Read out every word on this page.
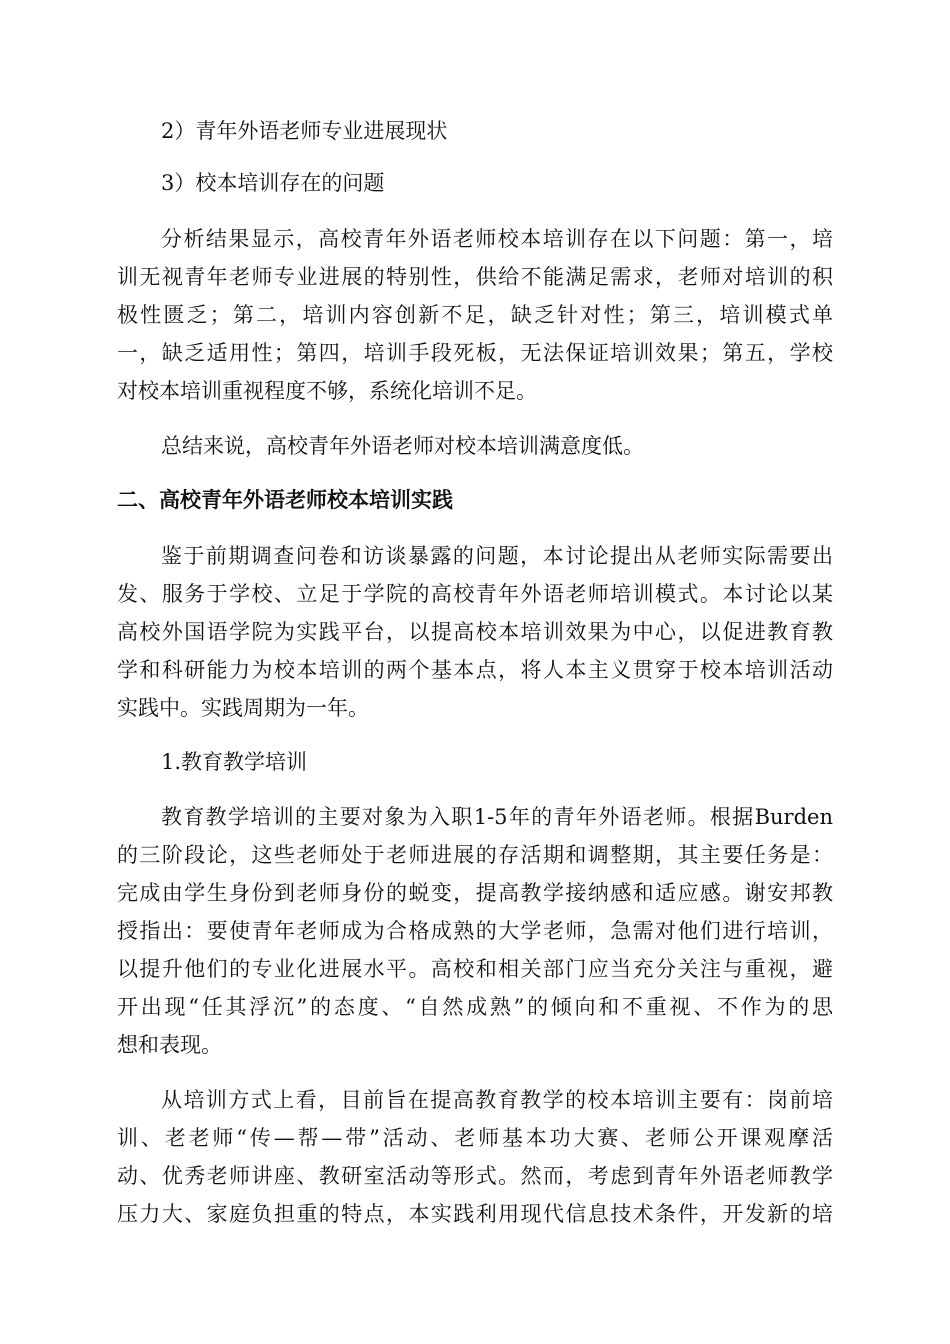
2）青年外语老师专业进展现状
3）校本培训存在的问题
分析结果显示，高校青年外语老师校本培训存在以下问题：第一，培
训无视青年老师专业进展的特别性，供给不能满足需求，老师对培训的积
极性匮乏；第二，培训内容创新不足，缺乏针对性；第三，培训模式单
一，缺乏适用性；第四，培训手段死板，无法保证培训效果；第五，学校
对校本培训重视程度不够，系统化培训不足。
总结来说，高校青年外语老师对校本培训满意度低。
二、高校青年外语老师校本培训实践
鉴于前期调查问卷和访谈暴露的问题，本讨论提出从老师实际需要出
发、服务于学校、立足于学院的高校青年外语老师培训模式。本讨论以某
高校外国语学院为实践平台，以提高校本培训效果为中心，以促进教育教
学和科研能力为校本培训的两个基本点，将人本主义贯穿于校本培训活动
实践中。实践周期为一年。
1.教育教学培训
教育教学培训的主要对象为入职1-5年的青年外语老师。根据Burden
的三阶段论，这些老师处于老师进展的存活期和调整期，其主要任务是：
完成由学生身份到老师身份的蜕变，提高教学接纳感和适应感。谢安邦教
授指出：要使青年老师成为合格成熟的大学老师，急需对他们进行培训，
以提升他们的专业化进展水平。高校和相关部门应当充分关注与重视，避
开出现“任其浮沉”的态度、“自然成熟”的倾向和不重视、不作为的思
想和表现。
从培训方式上看，目前旨在提高教育教学的校本培训主要有：岗前培
训、老老师“传—帮—带”活动、老师基本功大赛、老师公开课观摩活
动、优秀老师讲座、教研室活动等形式。然而，考虑到青年外语老师教学
压力大、家庭负担重的特点，本实践利用现代信息技术条件，开发新的培
